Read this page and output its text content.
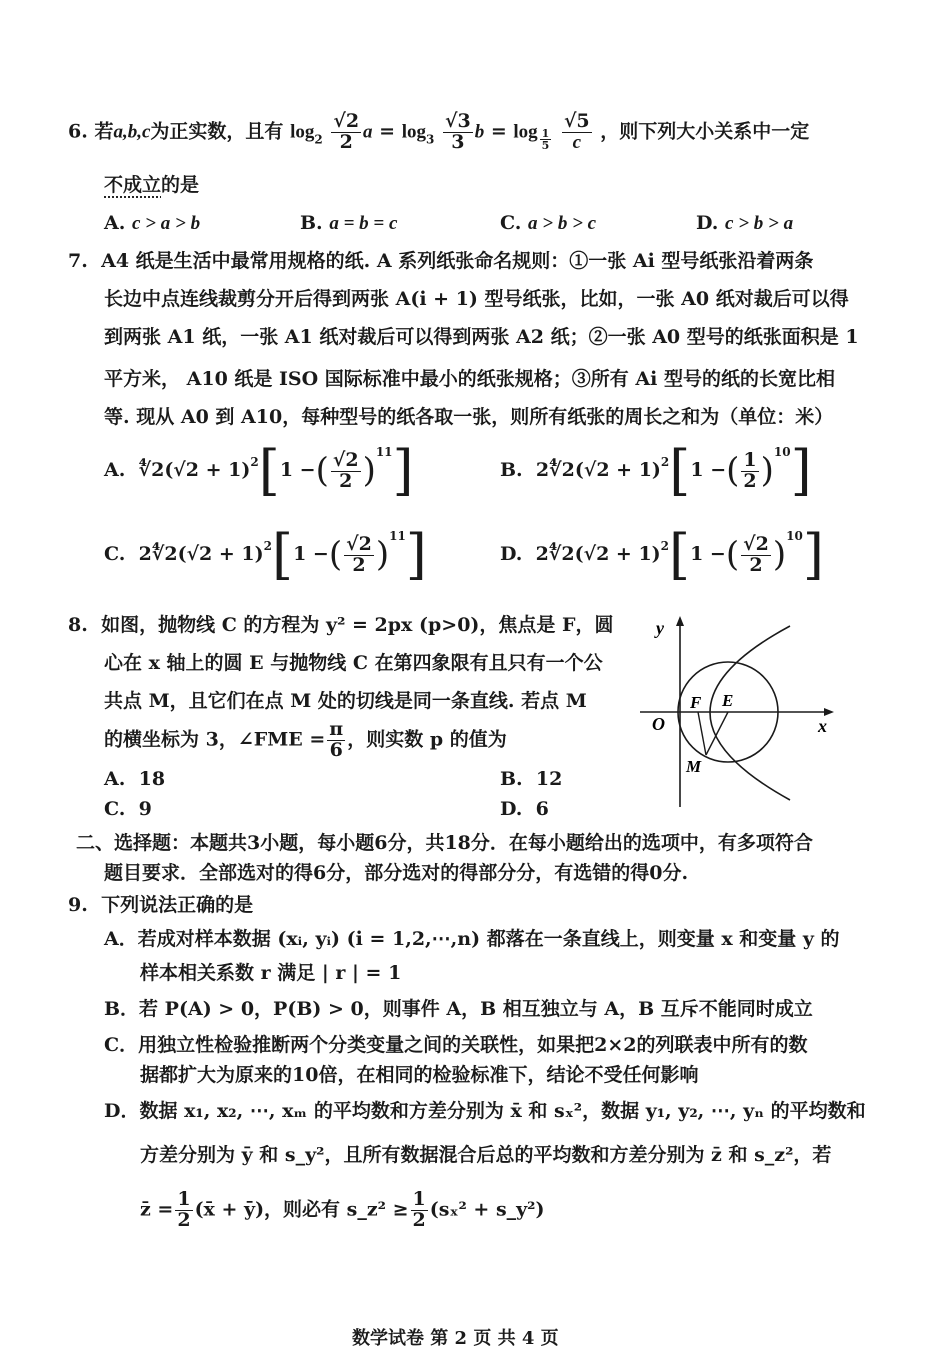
6. 若a,b,c为正实数，且有 $\log_2 \frac{√2}{2}$ $a = \log_3 \frac{√3}{3}$ $b = \log \frac{1}{5}$
$\frac{√5}{c}$ ，则下列大小关系中一定
不成立的是
A. c > a > b	B. a = b = c	C. a > b > c	D. c > b > a
7. A4 纸是生活中最常用规格的纸. A 系列纸张命名规则：①一张 Ai 型号纸张沿着两条
长边中点连线裁剪分开后得到两张 A(i + 1) 型号纸张，比如，一张 A0 纸对裁后可以得
到两张 A1 纸，一张 A1 纸对裁后可以得到两张 A2 纸；②一张 A0 型号的纸张面积是 1
平方米， A10 纸是 ISO 国际标准中最小的纸张规格；③所有 Ai 型号的纸的长宽比相
等. 现从 A0 到 A10，每种型号的纸各取一张，则所有纸张的周长之和为（单位：米）
A. ∜2(√2 + 1)$^2$[1 −( $\frac{√2}{2} )^{11}$]	B. 2∜2(√2 + 1)$^2$[1 −( $\frac{1}{2} )^{10}$]
C. 2∜2(√2 + 1)$^2$[1 −( $\frac{√2}{2} )^{11}$]	D. 2∜2(√2 + 1)$^2$[1 −( $\frac{√2}{2} )^{10}$]
8. 如图，抛物线 C 的方程为 y² = 2px (p>0)，焦点是 F，圆
心在 x 轴上的圆 E 与抛物线 C 在第四象限有且只有一个公
共点 M，且它们在点 M 处的切线是同一条直线. 若点 M
的横坐标为 3，∠FME = $\frac{\pi}{6}$ ，则实数 p 的值为
A. 18	B. 12
C. 9	D. 6
y
x
O
F E
M
二、选择题：本题共3小题，每小题6分，共18分．在每小题给出的选项中，有多项符合
题目要求．全部选对的得6分，部分选对的得部分分，有选错的得0分.
9. 下列说法正确的是
A．若成对样本数据 (xᵢ, yᵢ) (i = 1,2,⋯,n) 都落在一条直线上，则变量 x 和变量 y 的
样本相关系数 r 满足 | r | = 1
B．若 P(A) > 0，P(B) > 0，则事件 A，B 相互独立与 A，B 互斥不能同时成立
C．用独立性检验推断两个分类变量之间的关联性，如果把2×2的列联表中所有的数
据都扩大为原来的10倍，在相同的检验标准下，结论不受任何影响
D．数据 x₁, x₂, ⋯, xₘ 的平均数和方差分别为 x̄ 和 sₓ²，数据 y₁, y₂, ⋯, yₙ 的平均数和
方差分别为 ȳ 和 s_y²，且所有数据混合后总的平均数和方差分别为 z̄ 和 s_z²，若
z̄ = $\frac{1}{2}$ (x̄ + ȳ)，则必有 s_z² ≥ $\frac{1}{2} (s_x^2$ + s_y²)
数学试卷 第 2 页 共 4 页
